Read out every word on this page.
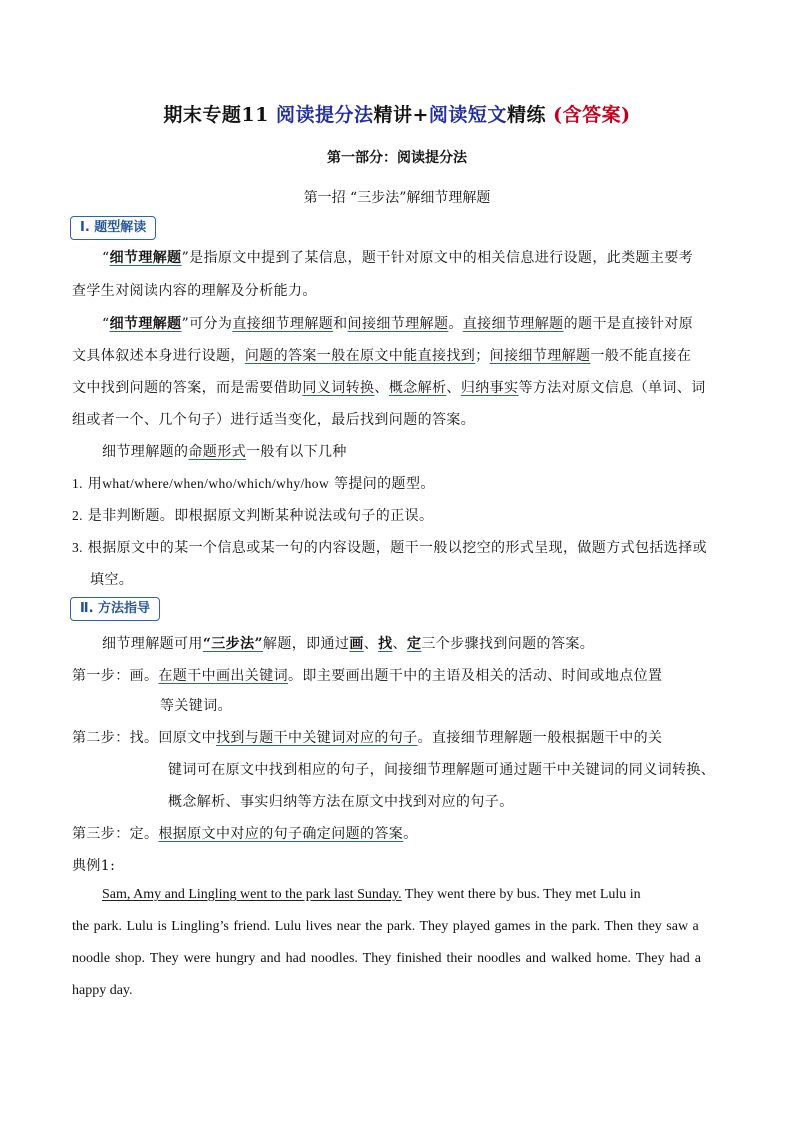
期末专题11 阅读提分法精讲+阅读短文精练 (含答案)
第一部分：阅读提分法
第一招 “三步法”解细节理解题
Ⅰ. 题型解读
“细节理解题”是指原文中提到了某信息，题干针对原文中的相关信息进行设题，此类题主要考
查学生对阅读内容的理解及分析能力。
“细节理解题”可分为直接细节理解题和间接细节理解题。直接细节理解题的题干是直接针对原
文具体叙述本身进行设题，问题的答案一般在原文中能直接找到；间接细节理解题一般不能直接在
文中找到问题的答案，而是需要借助同义词转换、概念解析、归纳事实等方法对原文信息（单词、词
组或者一个、几个句子）进行适当变化，最后找到问题的答案。
细节理解题的命题形式一般有以下几种
1. 用what/where/when/who/which/why/how 等提问的题型。
2. 是非判断题。即根据原文判断某种说法或句子的正误。
3. 根据原文中的某一个信息或某一句的内容设题，题干一般以挖空的形式呈现，做题方式包括选择或
填空。
Ⅱ. 方法指导
细节理解题可用“三步法”解题，即通过画、找、定三个步骤找到问题的答案。
第一步：画。在题干中画出关键词。即主要画出题干中的主语及相关的活动、时间或地点位置
等关键词。
第二步：找。回原文中找到与题干中关键词对应的句子。直接细节理解题一般根据题干中的关
键词可在原文中找到相应的句子，间接细节理解题可通过题干中关键词的同义词转换、
概念解析、事实归纳等方法在原文中找到对应的句子。
第三步：定。根据原文中对应的句子确定问题的答案。
典例1:
Sam, Amy and Lingling went to the park last Sunday. They went there by bus. They met Lulu in
the park. Lulu is Lingling’s friend. Lulu lives near the park. They played games in the park. Then they saw a
noodle shop. They were hungry and had noodles. They finished their noodles and walked home. They had a
happy day.
